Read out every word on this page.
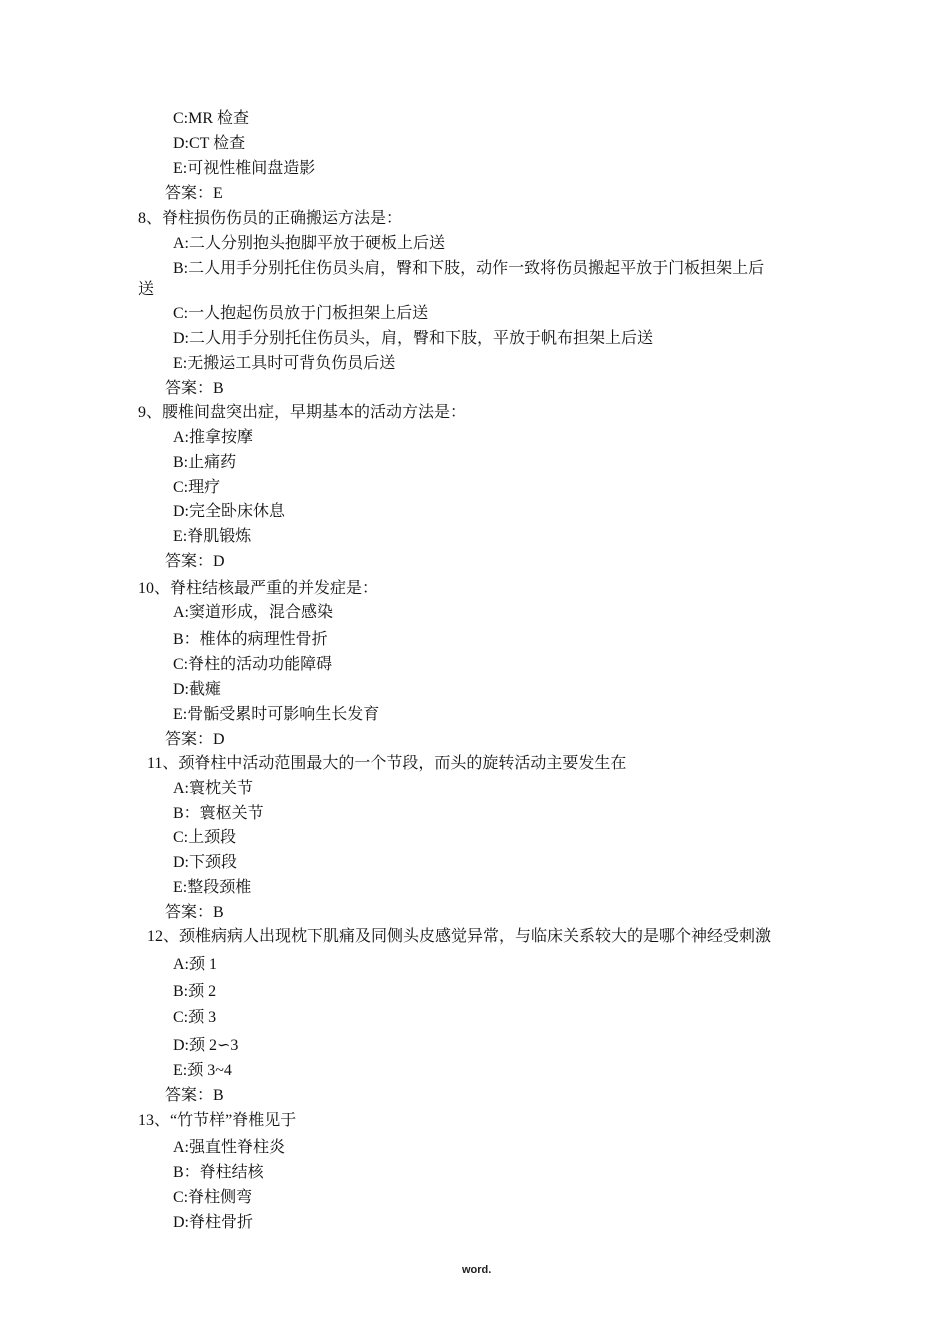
C:MR 检查
D:CT 检查
E:可视性椎间盘造影
答案：E
8、脊柱损伤伤员的正确搬运方法是：
A:二人分别抱头抱脚平放于硬板上后送
B:二人用手分别托住伤员头肩，臀和下肢，动作一致将伤员搬起平放于门板担架上后
送
C:一人抱起伤员放于门板担架上后送
D:二人用手分别托住伤员头，肩，臀和下肢，平放于帆布担架上后送
E:无搬运工具时可背负伤员后送
答案：B
9、腰椎间盘突出症，早期基本的活动方法是：
A:推拿按摩
B:止痛药
C:理疗
D:完全卧床休息
E:脊肌锻炼
答案：D
10、脊柱结核最严重的并发症是：
A:窦道形成，混合感染
B：椎体的病理性骨折
C:脊柱的活动功能障碍
D:截瘫
E:骨骺受累时可影响生长发育
答案：D
11、颈脊柱中活动范围最大的一个节段，而头的旋转活动主要发生在
A:寰枕关节
B：寰枢关节
C:上颈段
D:下颈段
E:整段颈椎
答案：B
12、颈椎病病人出现枕下肌痛及同侧头皮感觉异常，与临床关系较大的是哪个神经受刺激
A:颈 1
B:颈 2
C:颈 3
D:颈 2∽3
E:颈 3~4
答案：B
13、“竹节样”脊椎见于
A:强直性脊柱炎
B：脊柱结核
C:脊柱侧弯
D:脊柱骨折
word.
